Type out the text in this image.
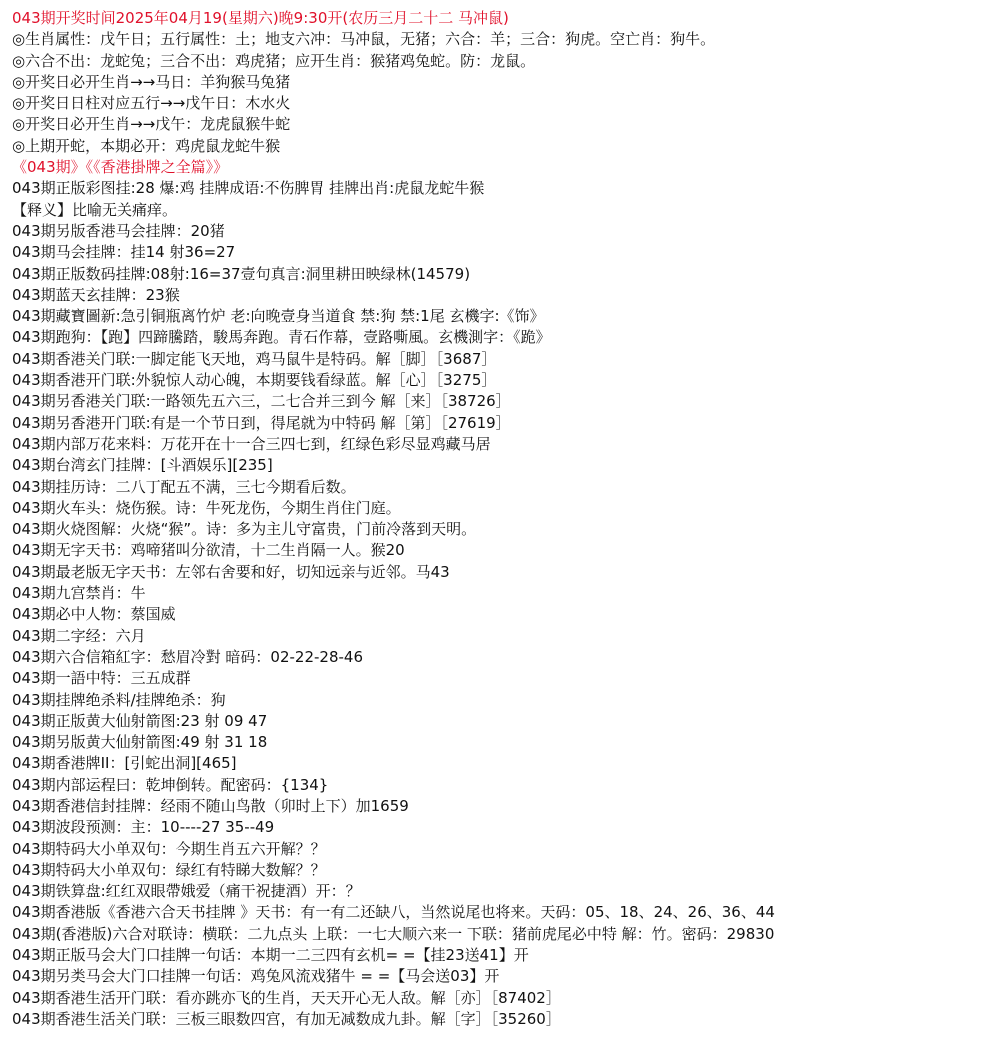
043期开奖时间2025年04月19(星期六)晚9:30开(农历三月二十二 马冲鼠)
◎生肖属性：戊午日；五行属性：土；地支六冲：马冲鼠，无猪；六合：羊；三合：狗虎。空亡肖：狗牛。
◎六合不出：龙蛇兔；三合不出：鸡虎猪；应开生肖：猴猪鸡兔蛇。防：龙鼠。
◎开奖日必开生肖→→马日：羊狗猴马兔猪
◎开奖日日柱对应五行→→戊午日：木水火
◎开奖日必开生肖→→戊午：龙虎鼠猴牛蛇
◎上期开蛇，本期必开：鸡虎鼠龙蛇牛猴
《043期》《《香港掛牌之全篇》》
043期正版彩图挂:28 爆:鸡 挂牌成语:不伤脾胃 挂牌出肖:虎鼠龙蛇牛猴
【释义】比喻无关痛痒。
043期另版香港马会挂牌：20猪
043期马会挂牌：挂14 射36=27
043期正版数码挂牌:08射:16=37壹句真言:洞里耕田映绿林(14579)
043期蓝天玄挂牌：23猴
043期藏寶圖新:急引铜瓶离竹炉 老:向晚壹身当道食 禁:狗 禁:1尾 玄機字:《饰》
043期跑狗：【跑】四蹄騰踏，駿馬奔跑。青石作幕，壹路嘶風。玄機測字：《跪》
043期香港关门联:一脚定能飞天地，鸡马鼠牛是特码。解［脚］［3687］
043期香港开门联:外貌惊人动心魄，本期要钱看绿蓝。解［心］［3275］
043期另香港关门联:一路领先五六三，二七合并三到今 解［来］［38726］
043期另香港开门联:有是一个节日到，得尾就为中特码 解［第］［27619］
043期内部万花来料：万花开在十一合三四七到，红绿色彩尽显鸡藏马居
043期台湾玄门挂牌：[斗酒娱乐][235]
043期挂历诗：二八丁配五不满，三七今期看后数。
043期火车头：烧伤猴。诗：牛死龙伤，今期生肖住门庭。
043期火烧图解：火烧“猴”。诗：多为主儿守富贵，门前冷落到天明。
043期无字天书：鸡啼猪叫分欲清，十二生肖隔一人。猴20
043期最老版无字天书：左邻右舍要和好，切知远亲与近邻。马43
043期九宫禁肖：牛
043期必中人物：蔡国威
043期二字经：六月
043期六合信箱紅字：愁眉冷對 暗码：02-22-28-46
043期一語中特：三五成群
043期挂牌绝杀料/挂牌绝杀：狗
043期正版黄大仙射箭图:23 射 09 47
043期另版黄大仙射箭图:49 射 31 18
043期香港牌II：[引蛇出洞][465]
043期内部运程曰：乾坤倒转。配密码：{134}
043期香港信封挂牌：经雨不随山鸟散（卯时上下）加1659
043期波段预测：主：10----27 35--49
043期特码大小单双句：今期生肖五六开解？？
043期特码大小单双句：绿红有特睇大数解？？
043期铁算盘:红红双眼帶娥爱（痛干祝捷酒）开：？
043期香港版《香港六合天书挂牌 》天书：有一有二还缺八，当然说尾也将来。天码：05、18、24、26、36、44
043期(香港版)六合对联诗：横联：二九点头 上联：一七大顺六来一 下联：猪前虎尾必中特 解：竹。密码：29830
043期正版马会大门口挂牌一句话：本期一二三四有玄机= =【挂23送41】开
043期另类马会大门口挂牌一句话：鸡兔风流戏猪牛 = =【马会送03】开
043期香港生活开门联：看亦跳亦飞的生肖，天天开心无人敌。解［亦］［87402］
043期香港生活关门联：三板三眼数四宫，有加无减数成九卦。解［字］［35260］
